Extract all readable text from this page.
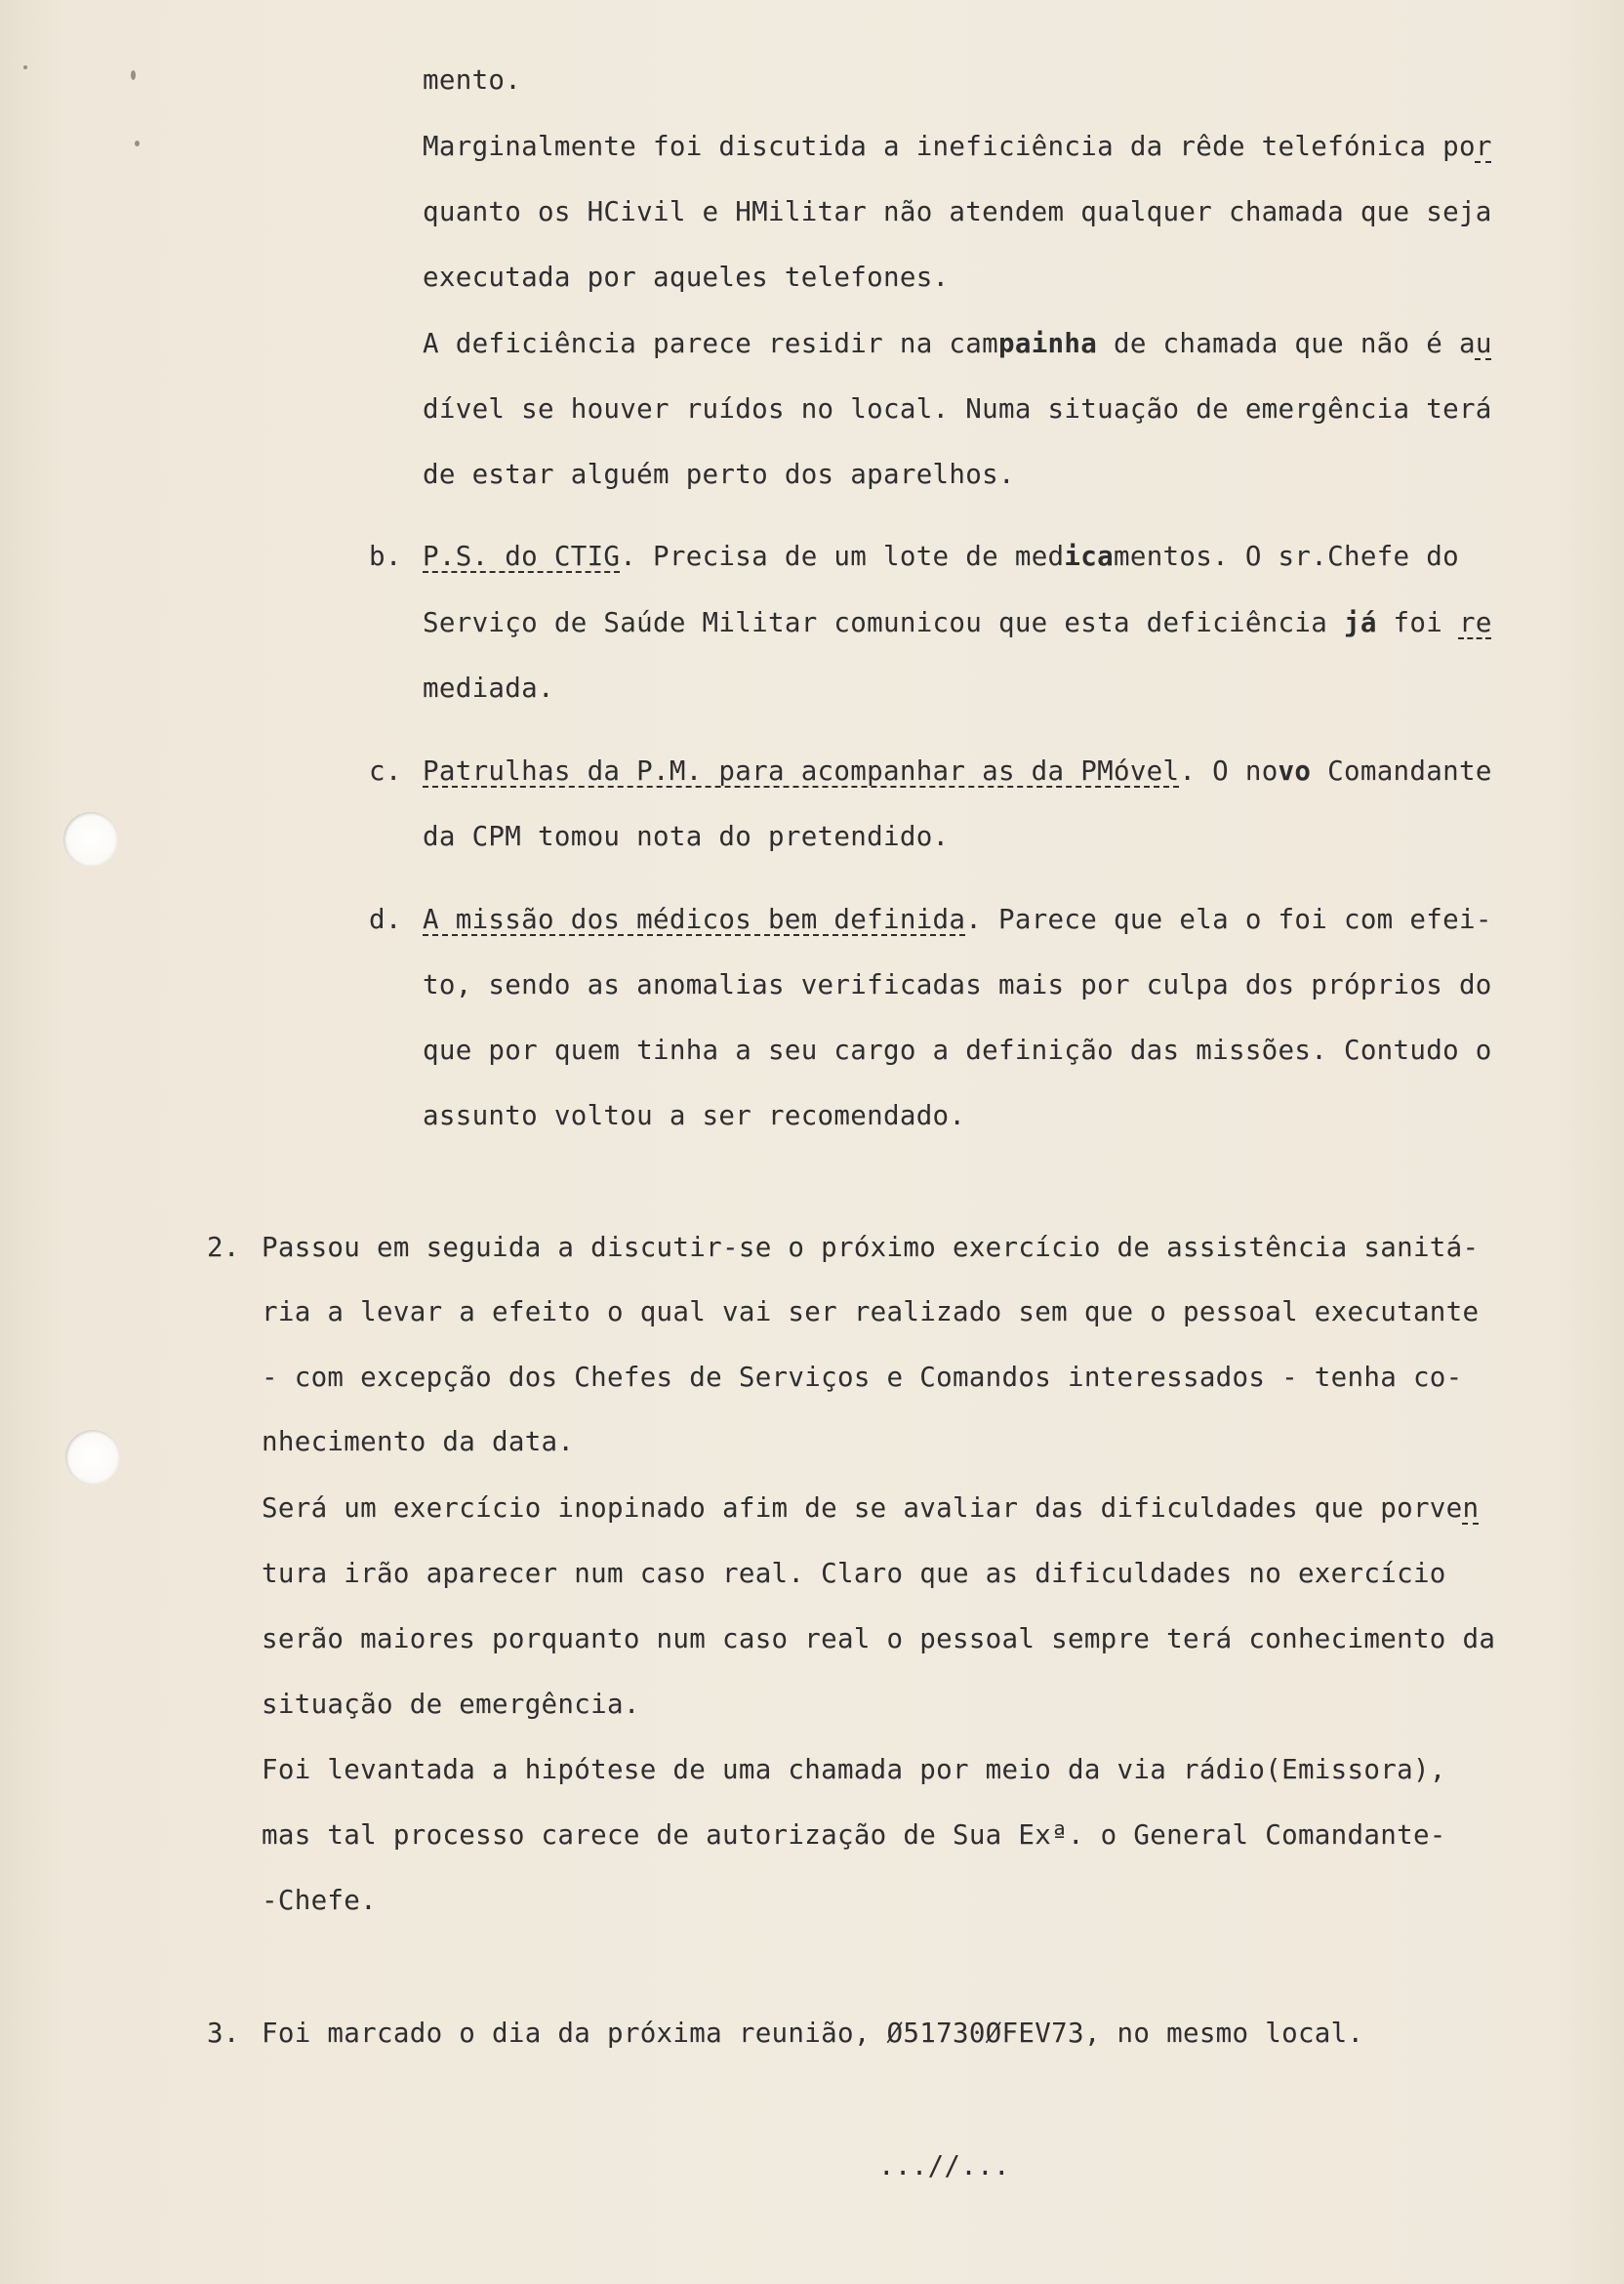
mento.

Marginalmente foi discutida a ineficiência da rêde telefónica por

quanto os HCivil e HMilitar não atendem qualquer chamada que seja

executada por aqueles telefones.

A deficiência parece residir na campainha de chamada que não é au

dível se houver ruídos no local. Numa situação de emergência terá

de estar alguém perto dos aparelhos.

b. P.S. do CTIG. Precisa de um lote de medicamentos. O sr.Chefe do

Serviço de Saúde Militar comunicou que esta deficiência já foi re

mediada.

c. Patrulhas da P.M. para acompanhar as da PMóvel. O novo Comandante

da CPM tomou nota do pretendido.

d. A missão dos médicos bem definida. Parece que ela o foi com efei-

to, sendo as anomalias verificadas mais por culpa dos próprios do

que por quem tinha a seu cargo a definição das missões. Contudo o

assunto voltou a ser recomendado.

2. Passou em seguida a discutir-se o próximo exercício de assistência sanitá-

ria a levar a efeito o qual vai ser realizado sem que o pessoal executante

- com excepção dos Chefes de Serviços e Comandos interessados - tenha co-

nhecimento da data.

Será um exercício inopinado afim de se avaliar das dificuldades que porven

tura irão aparecer num caso real. Claro que as dificuldades no exercício

serão maiores porquanto num caso real o pessoal sempre terá conhecimento da

situação de emergência.

Foi levantada a hipótese de uma chamada por meio da via rádio(Emissora),

mas tal processo carece de autorização de Sua Exª. o General Comandante-

-Chefe.

3. Foi marcado o dia da próxima reunião, Ø51730ØFEV73, no mesmo local.

...//...
